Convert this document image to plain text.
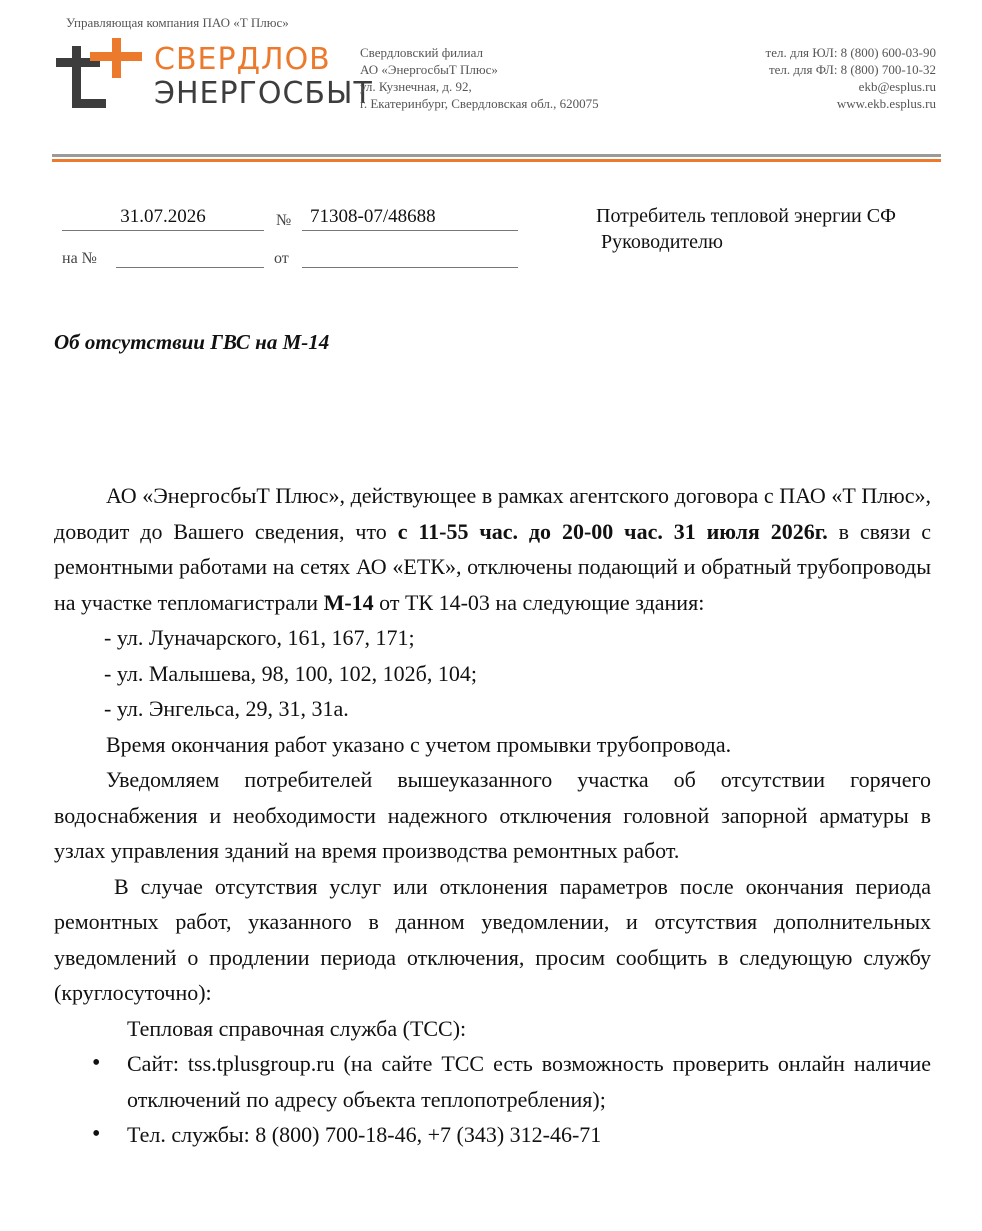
Управляющая компания ПАО «Т Плюс»
СВЕРДЛОВ
ЭНЕРГОСБЫТ
Свердловский филиал
АО «ЭнергосбыТ Плюс»
ул. Кузнечная, д. 92,
г. Екатеринбург, Свердловская обл., 620075
тел. для ЮЛ: 8 (800) 600-03-90
тел. для ФЛ: 8 (800) 700-10-32
ekb@esplus.ru
www.ekb.esplus.ru
31.07.2026	№ 71308-07/48688
на №	от
Потребитель тепловой энергии СФ
Руководителю
Об отсутствии ГВС на М-14

АО «ЭнергосбыТ Плюс», действующее в рамках агентского договора с ПАО «Т Плюс», доводит до Вашего сведения, что с 11-55 час. до 20-00 час. 31 июля 2026г. в связи с ремонтными работами на сетях АО «ЕТК», отключены подающий и обратный трубопроводы на участке тепломагистрали М-14 от ТК 14-03 на следующие здания:

- ул. Луначарского, 161, 167, 171;

- ул. Малышева, 98, 100, 102, 102б, 104;

- ул. Энгельса, 29, 31, 31а.

Время окончания работ указано с учетом промывки трубопровода.

Уведомляем потребителей вышеуказанного участка об отсутствии горячего водоснабжения и необходимости надежного отключения головной запорной арматуры в узлах управления зданий на время производства ремонтных работ.

В случае отсутствия услуг или отклонения параметров после окончания периода ремонтных работ, указанного в данном уведомлении, и отсутствия дополнительных уведомлений о продлении периода отключения, просим сообщить в следующую службу (круглосуточно):

Тепловая справочная служба (ТСС):

• Сайт: tss.tplusgroup.ru (на сайте ТСС есть возможность проверить онлайн наличие отключений по адресу объекта теплопотребления);

• Тел. службы: 8 (800) 700-18-46, +7 (343) 312-46-71
